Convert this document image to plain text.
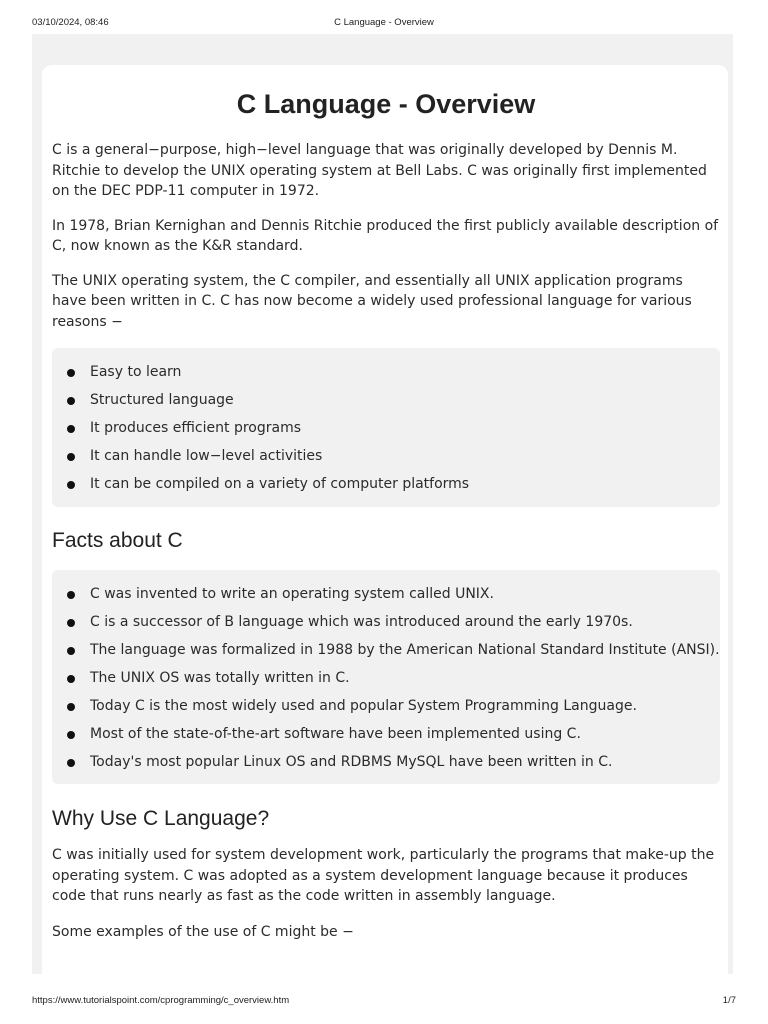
03/10/2024, 08:46	C Language - Overview
C Language - Overview

C is a general−purpose, high−level language that was originally developed by Dennis M. Ritchie to develop the UNIX operating system at Bell Labs. C was originally first implemented on the DEC PDP-11 computer in 1972.

In 1978, Brian Kernighan and Dennis Ritchie produced the first publicly available description of C, now known as the K&R standard.

The UNIX operating system, the C compiler, and essentially all UNIX application programs have been written in C. C has now become a widely used professional language for various reasons −

Easy to learn
Structured language
It produces efficient programs
It can handle low−level activities
It can be compiled on a variety of computer platforms
Facts about C
C was invented to write an operating system called UNIX.
C is a successor of B language which was introduced around the early 1970s.
The language was formalized in 1988 by the American National Standard Institute (ANSI).
The UNIX OS was totally written in C.
Today C is the most widely used and popular System Programming Language.
Most of the state-of-the-art software have been implemented using C.
Today's most popular Linux OS and RDBMS MySQL have been written in C.
Why Use C Language?

C was initially used for system development work, particularly the programs that make-up the operating system. C was adopted as a system development language because it produces code that runs nearly as fast as the code written in assembly language.

Some examples of the use of C might be −

https://www.tutorialspoint.com/cprogramming/c_overview.htm	1/7
